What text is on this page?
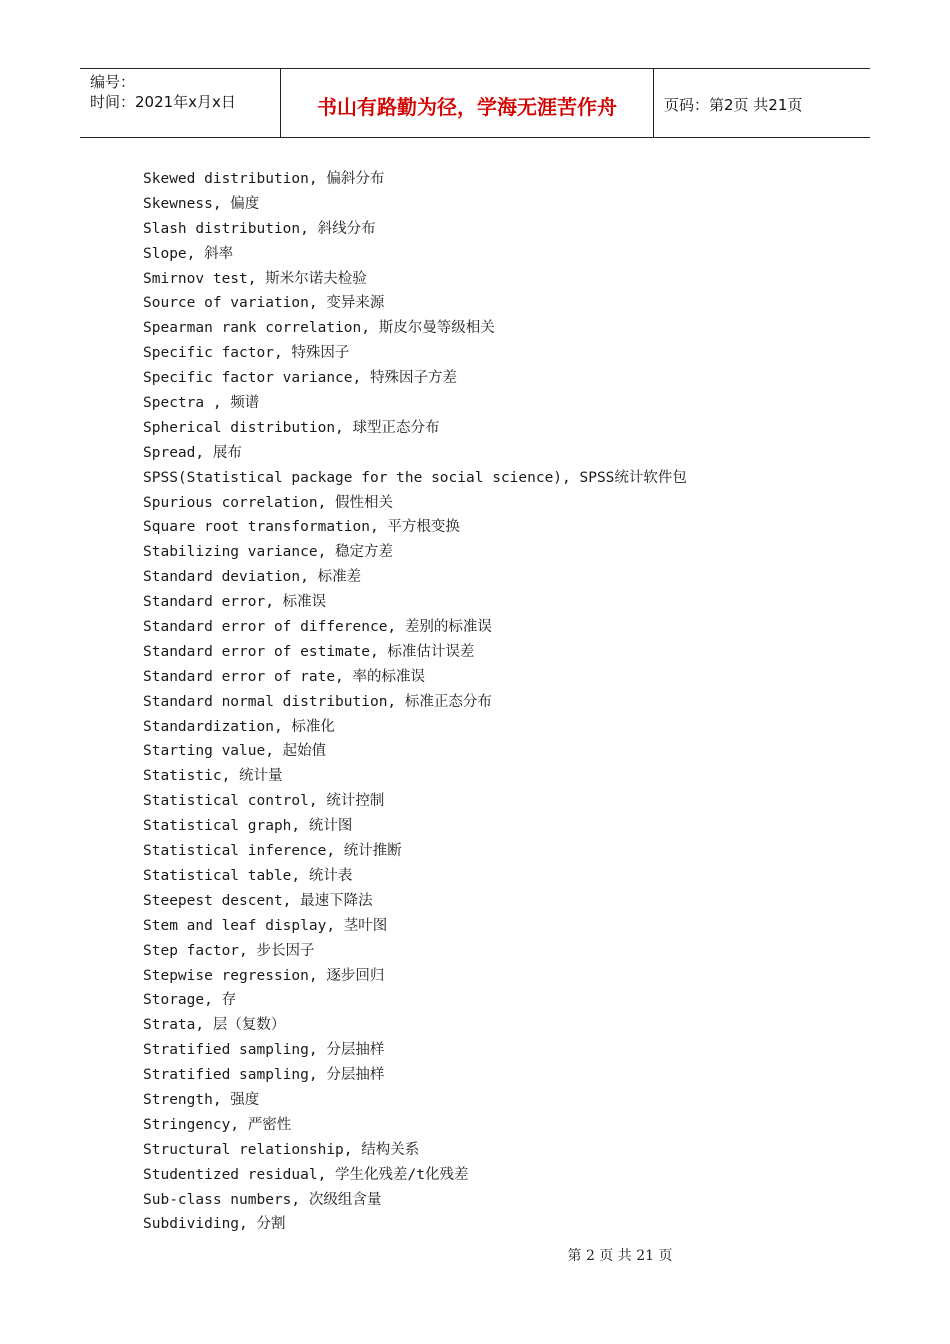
编号：
时间：2021年x月x日	书山有路勤为径，学海无涯苦作舟	页码：第2页 共21页
Skewed distribution, 偏斜分布
Skewness, 偏度
Slash distribution, 斜线分布
Slope, 斜率
Smirnov test, 斯米尔诺夫检验
Source of variation, 变异来源
Spearman rank correlation, 斯皮尔曼等级相关
Specific factor, 特殊因子
Specific factor variance, 特殊因子方差
Spectra , 频谱
Spherical distribution, 球型正态分布
Spread, 展布
SPSS(Statistical package for the social science), SPSS统计软件包
Spurious correlation, 假性相关
Square root transformation, 平方根变换
Stabilizing variance, 稳定方差
Standard deviation, 标准差
Standard error, 标准误
Standard error of difference, 差别的标准误
Standard error of estimate, 标准估计误差
Standard error of rate, 率的标准误
Standard normal distribution, 标准正态分布
Standardization, 标准化
Starting value, 起始值
Statistic, 统计量
Statistical control, 统计控制
Statistical graph, 统计图
Statistical inference, 统计推断
Statistical table, 统计表
Steepest descent, 最速下降法
Stem and leaf display, 茎叶图
Step factor, 步长因子
Stepwise regression, 逐步回归
Storage, 存
Strata, 层（复数）
Stratified sampling, 分层抽样
Stratified sampling, 分层抽样
Strength, 强度
Stringency, 严密性
Structural relationship, 结构关系
Studentized residual, 学生化残差/t化残差
Sub-class numbers, 次级组含量
Subdividing, 分割
第 2 页 共 21 页
